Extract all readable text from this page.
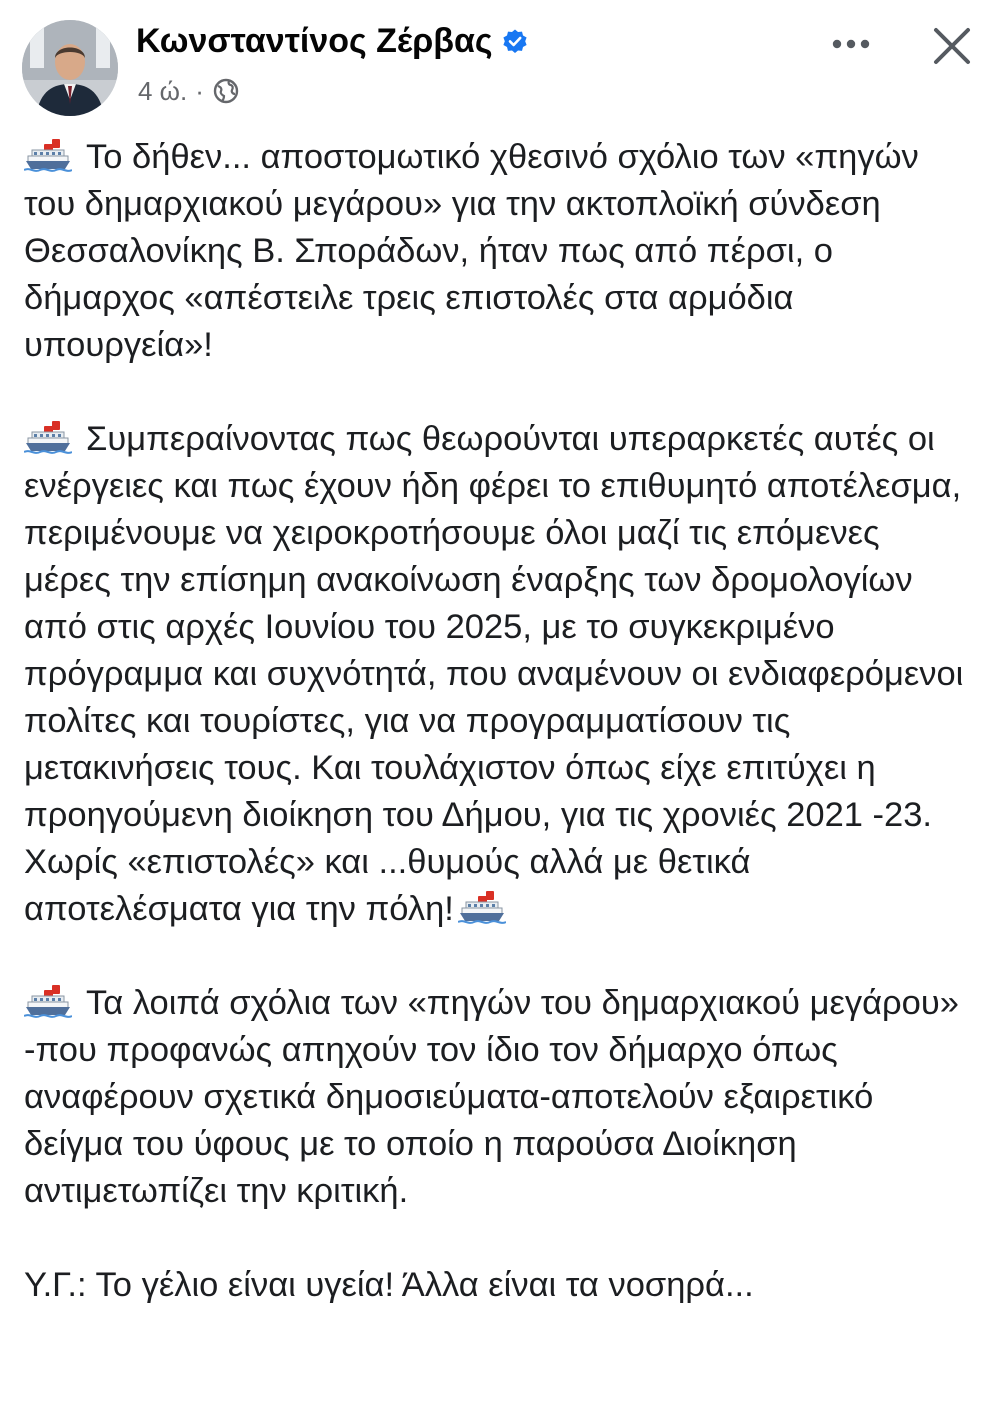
Κωνσταντίνος Ζέρβας
4 ώ. ·

Το δήθεν... αποστομωτικό χθεσινό σχόλιο των «πηγών του δημαρχιακού μεγάρου» για την ακτοπλοϊκή σύνδεση Θεσσαλονίκης Β. Σποράδων, ήταν πως από πέρσι, ο δήμαρχος «απέστειλε τρεις επιστολές στα αρμόδια υπουργεία»!

Συμπεραίνοντας πως θεωρούνται υπεραρκετές αυτές οι ενέργειες και πως έχουν ήδη φέρει το επιθυμητό αποτέλεσμα, περιμένουμε να χειροκροτήσουμε όλοι μαζί τις επόμενες μέρες την επίσημη ανακοίνωση έναρξης των δρομολογίων από στις αρχές Ιουνίου του 2025, με το συγκεκριμένο πρόγραμμα και συχνότητά, που αναμένουν οι ενδιαφερόμενοι πολίτες και τουρίστες, για να προγραμματίσουν τις μετακινήσεις τους. Και τουλάχιστον όπως είχε επιτύχει η προηγούμενη διοίκηση του Δήμου, για τις χρονιές 2021 -23. Χωρίς «επιστολές» και ...θυμούς αλλά με θετικά αποτελέσματα για την πόλη!

Τα λοιπά σχόλια των «πηγών του δημαρχιακού μεγάρου» -που προφανώς απηχούν τον ίδιο τον δήμαρχο όπως αναφέρουν σχετικά δημοσιεύματα-αποτελούν εξαιρετικό δείγμα του ύφους με το οποίο η παρούσα Διοίκηση αντιμετωπίζει την κριτική.

Υ.Γ.: Το γέλιο είναι υγεία! Άλλα είναι τα νοσηρά...
